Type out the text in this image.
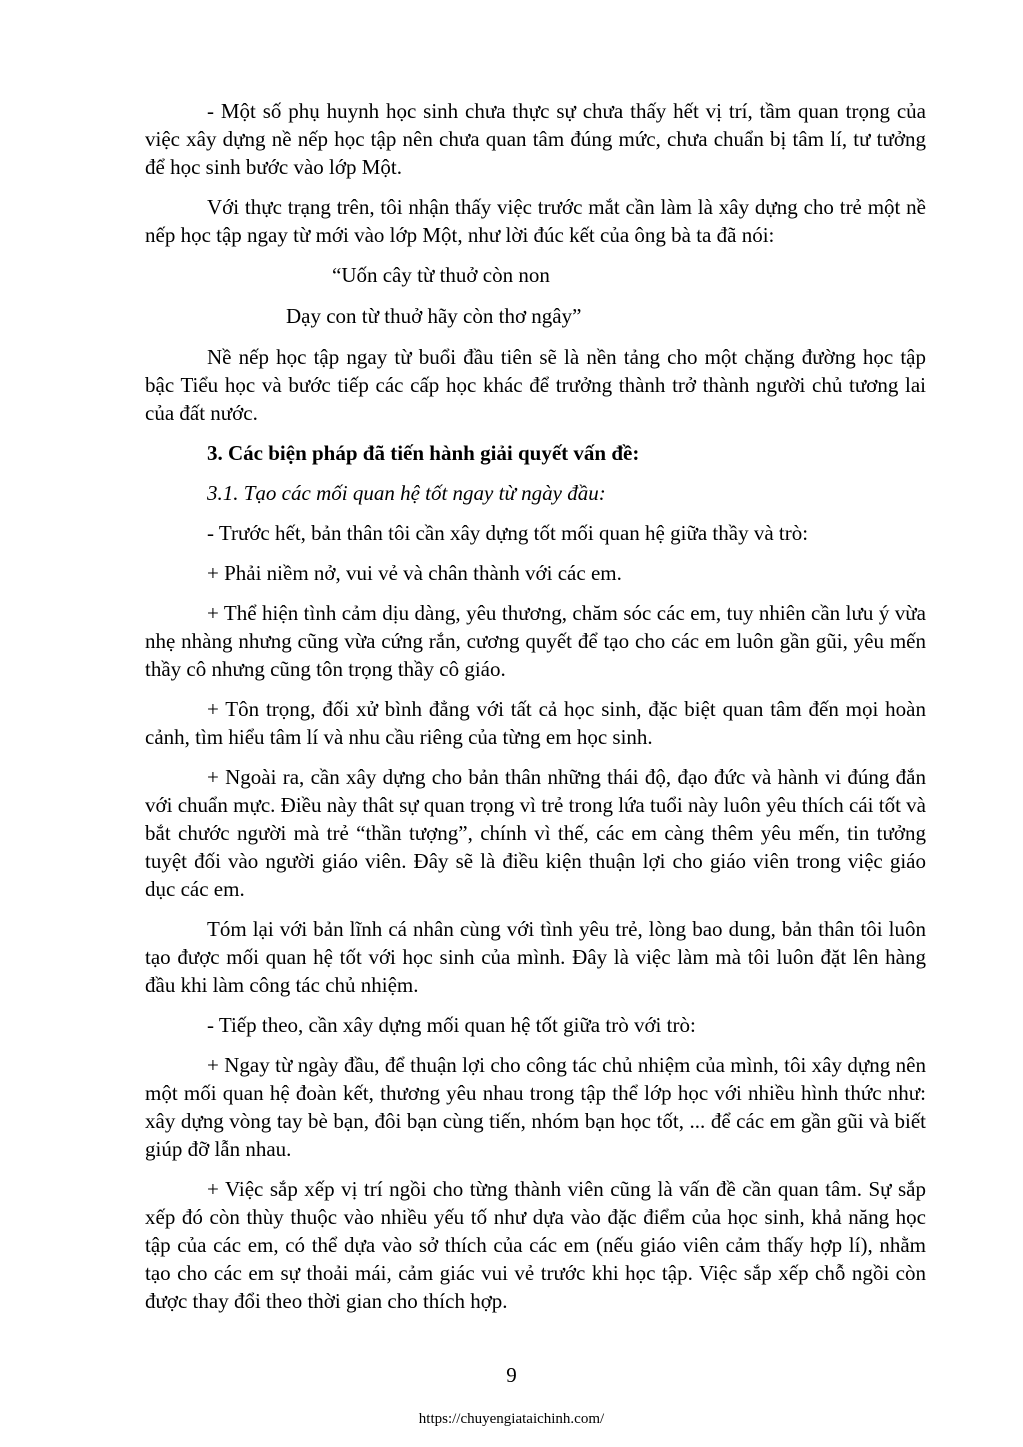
- Một số phụ huynh học sinh chưa thực sự chưa thấy hết vị trí, tầm quan trọng của việc xây dựng nề nếp học tập nên chưa quan tâm đúng mức, chưa chuẩn bị tâm lí, tư tưởng để học sinh bước vào lớp Một.

Với thực trạng trên, tôi nhận thấy việc trước mắt cần làm là xây dựng cho trẻ một nề nếp học tập ngay từ mới vào lớp Một, như lời đúc kết của ông bà ta đã nói:

“Uốn cây từ thuở còn non

Dạy con từ thuở hãy còn thơ ngây”

Nề nếp học tập ngay từ buổi đầu tiên sẽ là nền tảng cho một chặng đường học tập bậc Tiểu học và bước tiếp các cấp học khác để trưởng thành trở thành người chủ tương lai của đất nước.

3. Các biện pháp đã tiến hành giải quyết vấn đề:

3.1. Tạo các mối quan hệ tốt ngay từ ngày đầu:

- Trước hết, bản thân tôi cần xây dựng tốt mối quan hệ giữa thầy và trò:

+ Phải niềm nở, vui vẻ và chân thành với các em.

+ Thể hiện tình cảm dịu dàng, yêu thương, chăm sóc các em, tuy nhiên cần lưu ý vừa nhẹ nhàng nhưng cũng vừa cứng rắn, cương quyết để tạo cho các em luôn gần gũi, yêu mến thầy cô nhưng cũng tôn trọng thầy cô giáo.

+ Tôn trọng, đối xử bình đẳng với tất cả học sinh, đặc biệt quan tâm đến mọi hoàn cảnh, tìm hiểu tâm lí và nhu cầu riêng của từng em học sinh.

+ Ngoài ra, cần xây dựng cho bản thân những thái độ, đạo đức và hành vi đúng đắn với chuẩn mực. Điều này thât sự quan trọng vì trẻ trong lứa tuổi này luôn yêu thích cái tốt và bắt chước người mà trẻ “thần tượng”, chính vì thế, các em càng thêm yêu mến, tin tưởng tuyệt đối vào người giáo viên. Đây sẽ là điều kiện thuận lợi cho giáo viên trong việc giáo dục các em.

Tóm lại với bản lĩnh cá nhân cùng với tình yêu trẻ, lòng bao dung, bản thân tôi luôn tạo được mối quan hệ tốt với học sinh của mình. Đây là việc làm mà tôi luôn đặt lên hàng đầu khi làm công tác chủ nhiệm.

- Tiếp theo, cần xây dựng mối quan hệ tốt giữa trò với trò:

+ Ngay từ ngày đầu, để thuận lợi cho công tác chủ nhiệm của mình, tôi xây dựng nên một mối quan hệ đoàn kết, thương yêu nhau trong tập thể lớp học với nhiều hình thức như: xây dựng vòng tay bè bạn, đôi bạn cùng tiến, nhóm bạn học tốt, ... để các em gần gũi và biết giúp đỡ lẫn nhau.

+ Việc sắp xếp vị trí ngồi cho từng thành viên cũng là vấn đề cần quan tâm. Sự sắp xếp đó còn thùy thuộc vào nhiều yếu tố như dựa vào đặc điểm của học sinh, khả năng học tập của các em, có thể dựa vào sở thích của các em (nếu giáo viên cảm thấy hợp lí), nhằm tạo cho các em sự thoải mái, cảm giác vui vẻ trước khi học tập. Việc sắp xếp chỗ ngồi còn được thay đổi theo thời gian cho thích hợp.

9
https://chuyengiataichinh.com/
